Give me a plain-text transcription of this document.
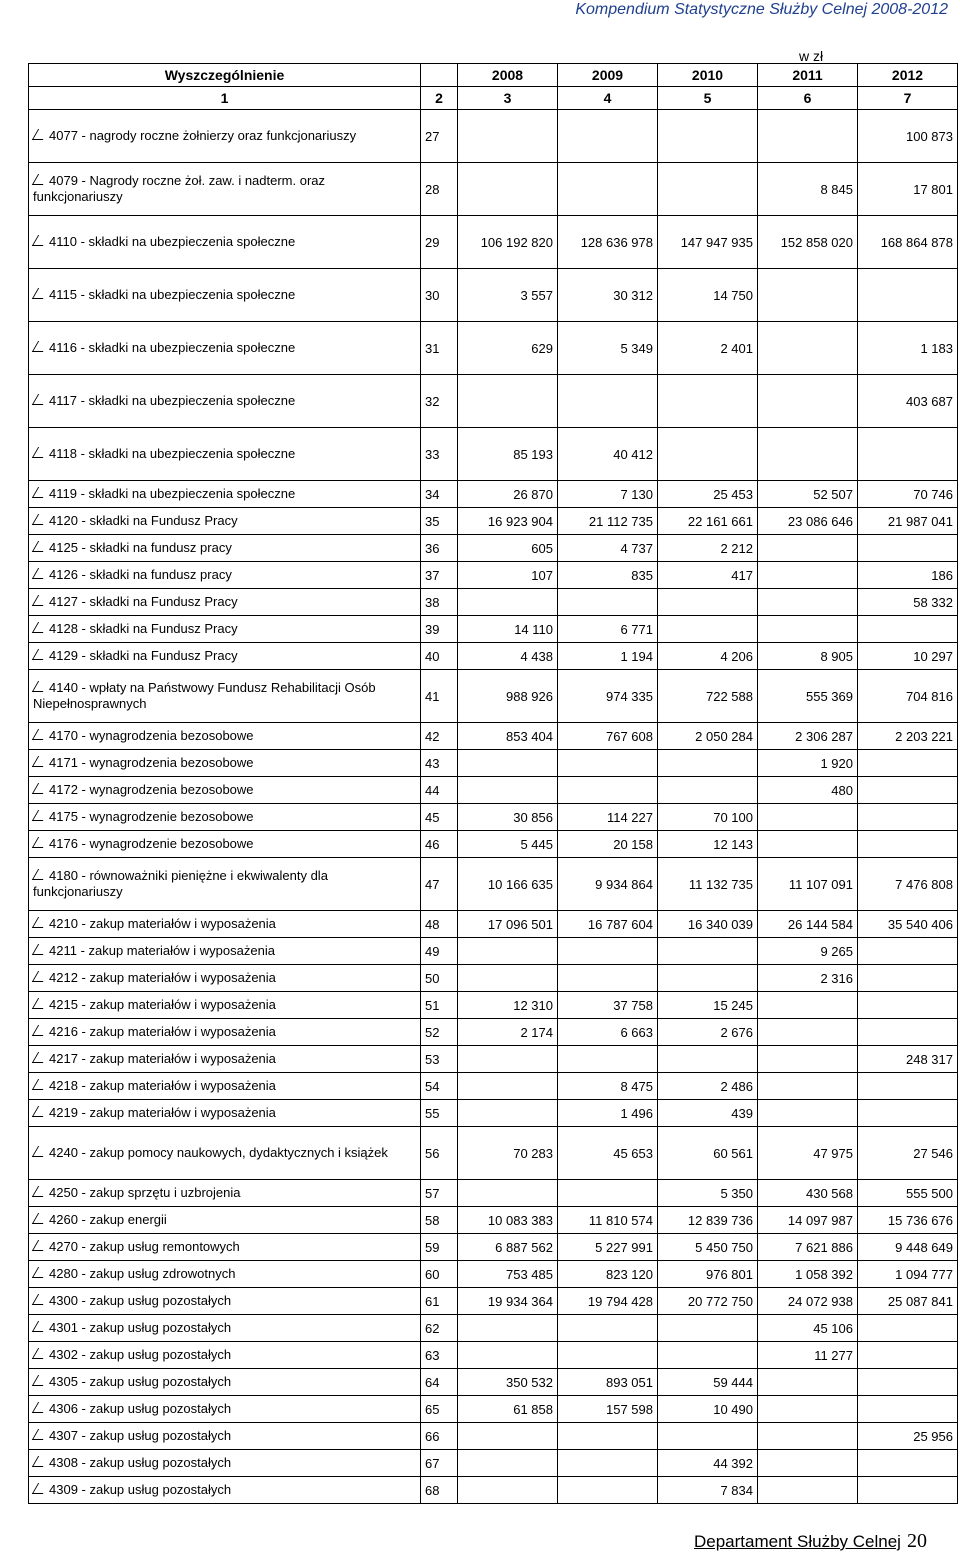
Kompendium Statystyczne Służby Celnej 2008-2012
w zł
Wyszczególnienie		2008	2009	2010	2011	2012
1	2	3	4	5	6	7
4077 - nagrody roczne żołnierzy oraz funkcjonariuszy	27					100 873
4079 - Nagrody roczne żoł. zaw. i nadterm. oraz funkcjonariuszy	28				8 845	17 801
4110 - składki na ubezpieczenia społeczne	29	106 192 820	128 636 978	147 947 935	152 858 020	168 864 878
4115 - składki na ubezpieczenia społeczne	30	3 557	30 312	14 750		
4116 - składki na ubezpieczenia społeczne	31	629	5 349	2 401		1 183
4117 - składki na ubezpieczenia społeczne	32					403 687
4118 - składki na ubezpieczenia społeczne	33	85 193	40 412			
4119 - składki na ubezpieczenia społeczne	34	26 870	7 130	25 453	52 507	70 746
4120 - składki na Fundusz Pracy	35	16 923 904	21 112 735	22 161 661	23 086 646	21 987 041
4125 - składki na fundusz pracy	36	605	4 737	2 212		
4126 - składki na fundusz pracy	37	107	835	417		186
4127 - składki na Fundusz Pracy	38					58 332
4128 - składki na Fundusz Pracy	39	14 110	6 771			
4129 - składki na Fundusz Pracy	40	4 438	1 194	4 206	8 905	10 297
4140 - wpłaty na Państwowy Fundusz Rehabilitacji Osób Niepełnosprawnych	41	988 926	974 335	722 588	555 369	704 816
4170 - wynagrodzenia bezosobowe	42	853 404	767 608	2 050 284	2 306 287	2 203 221
4171 - wynagrodzenia bezosobowe	43				1 920	
4172 - wynagrodzenia bezosobowe	44				480	
4175 - wynagrodzenie bezosobowe	45	30 856	114 227	70 100		
4176 - wynagrodzenie bezosobowe	46	5 445	20 158	12 143		
4180 - równoważniki pieniężne i ekwiwalenty dla funkcjonariuszy	47	10 166 635	9 934 864	11 132 735	11 107 091	7 476 808
4210 - zakup materiałów i wyposażenia	48	17 096 501	16 787 604	16 340 039	26 144 584	35 540 406
4211 - zakup materiałów i wyposażenia	49				9 265	
4212 - zakup materiałów i wyposażenia	50				2 316	
4215 - zakup materiałów i wyposażenia	51	12 310	37 758	15 245		
4216 - zakup materiałów i wyposażenia	52	2 174	6 663	2 676		
4217 - zakup materiałów i wyposażenia	53					248 317
4218 - zakup materiałów i wyposażenia	54		8 475	2 486		
4219 - zakup materiałów i wyposażenia	55		1 496	439		
4240 - zakup pomocy naukowych, dydaktycznych i książek	56	70 283	45 653	60 561	47 975	27 546
4250 - zakup sprzętu i uzbrojenia	57			5 350	430 568	555 500
4260 - zakup energii	58	10 083 383	11 810 574	12 839 736	14 097 987	15 736 676
4270 - zakup usług remontowych	59	6 887 562	5 227 991	5 450 750	7 621 886	9 448 649
4280 - zakup usług zdrowotnych	60	753 485	823 120	976 801	1 058 392	1 094 777
4300 - zakup usług pozostałych	61	19 934 364	19 794 428	20 772 750	24 072 938	25 087 841
4301 - zakup usług pozostałych	62				45 106	
4302 - zakup usług pozostałych	63				11 277	
4305 - zakup usług pozostałych	64	350 532	893 051	59 444		
4306 - zakup usług pozostałych	65	61 858	157 598	10 490		
4307 - zakup usług pozostałych	66					25 956
4308 - zakup usług pozostałych	67			44 392		
4309 - zakup usług pozostałych	68			7 834		
Departament Służby Celnej 20
